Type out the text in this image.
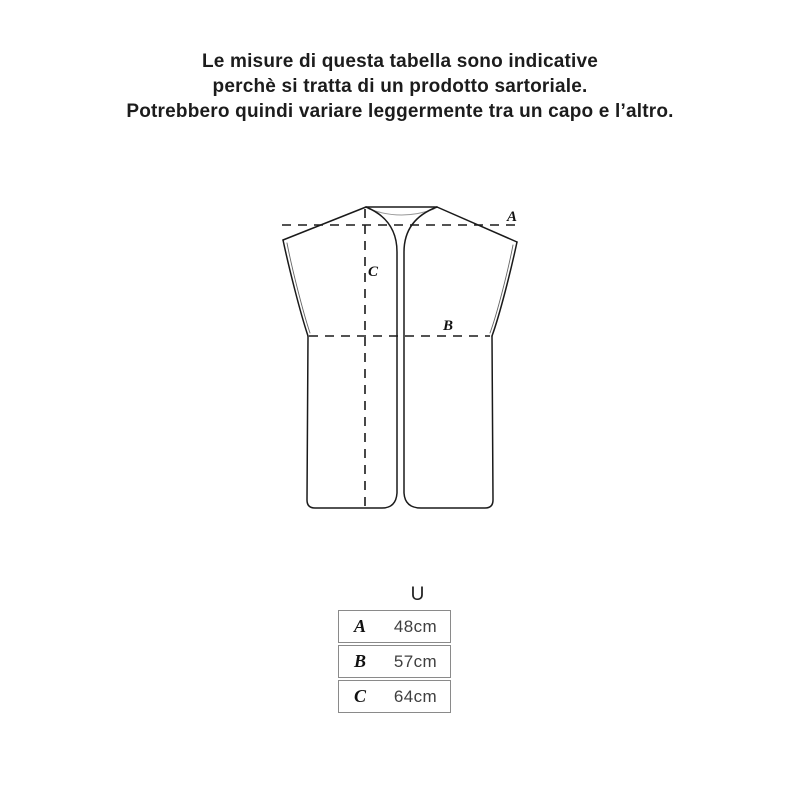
Le misure di questa tabella sono indicative
perchè si tratta di un prodotto sartoriale.
Potrebbero quindi variare leggermente tra un capo e l’altro.
A
B
C
U
A	48cm
B	57cm
C	64cm
